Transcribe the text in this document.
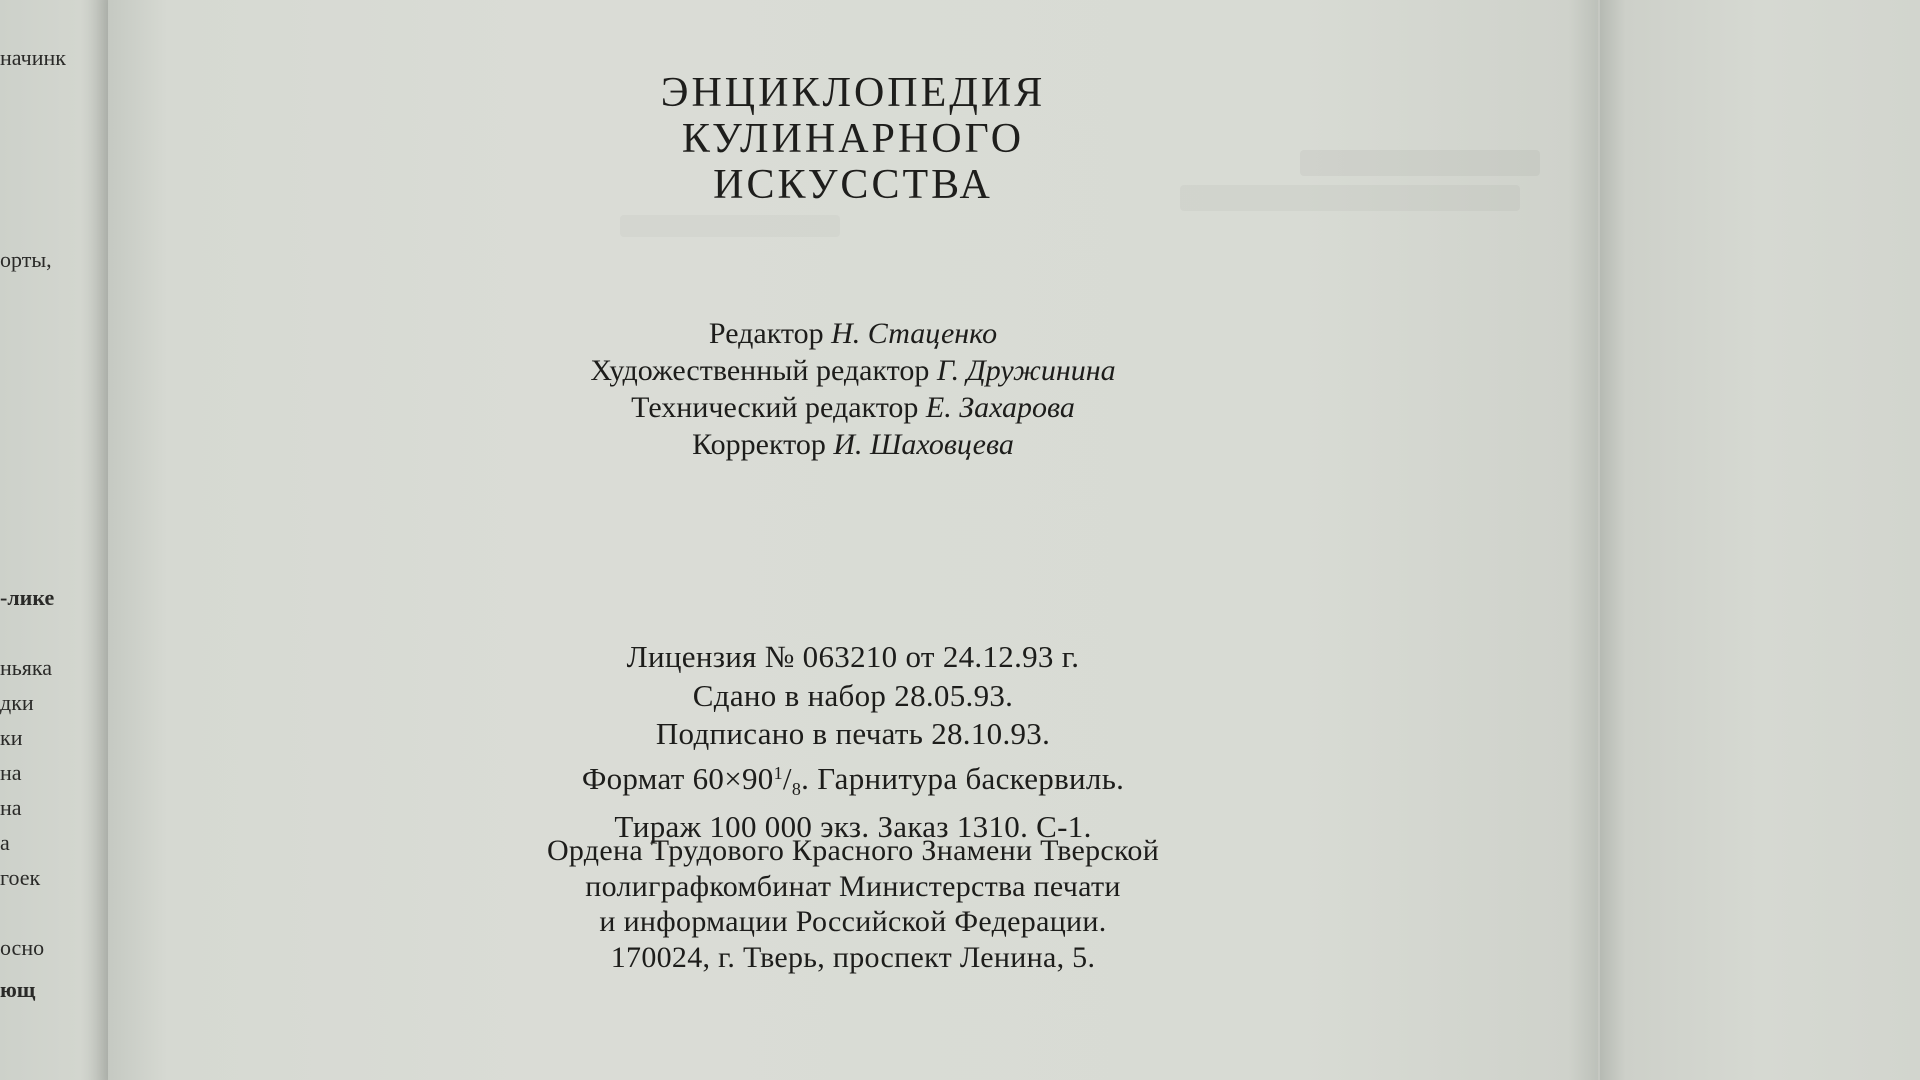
начинк
орты,
-лике
ньяка
дки
ки
на
на
а
гоек
осно
ющ
ЭНЦИКЛОПЕДИЯ
КУЛИНАРНОГО
ИСКУССТВА
Редактор Н. Стаценко
Художественный редактор Г. Дружинина
Технический редактор Е. Захарова
Корректор И. Шаховцева
Лицензия № 063210 от 24.12.93 г.
Сдано в набор 28.05.93.
Подписано в печать 28.10.93.
Формат $60\times 90^1/_8$. Гарнитура баскервиль.
Тираж 100 000 экз. Заказ 1310. С-1.
Ордена Трудового Красного Знамени Тверской
полиграфкомбинат Министерства печати
и информации Российской Федерации.
170024, г. Тверь, проспект Ленина, 5.
